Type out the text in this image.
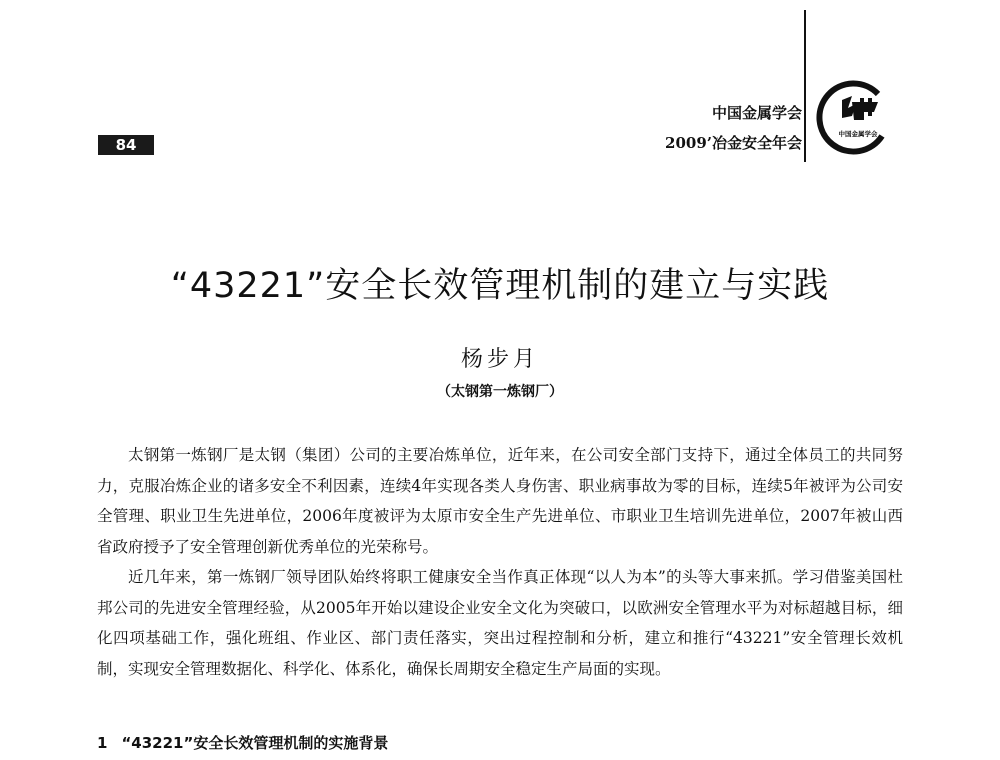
84
中国金属学会
2009’冶金安全年会	中国金属学会
“43221”安全长效管理机制的建立与实践
杨步月
（太钢第一炼钢厂）

太钢第一炼钢厂是太钢（集团）公司的主要冶炼单位，近年来，在公司安全部门支持下，通过全体员工的共同努力，克服冶炼企业的诸多安全不利因素，连续4年实现各类人身伤害、职业病事故为零的目标，连续5年被评为公司安全管理、职业卫生先进单位，2006年度被评为太原市安全生产先进单位、市职业卫生培训先进单位，2007年被山西省政府授予了安全管理创新优秀单位的光荣称号。

近几年来，第一炼钢厂领导团队始终将职工健康安全当作真正体现“以人为本”的头等大事来抓。学习借鉴美国杜邦公司的先进安全管理经验，从2005年开始以建设企业安全文化为突破口，以欧洲安全管理水平为对标超越目标，细化四项基础工作，强化班组、作业区、部门责任落实，突出过程控制和分析，建立和推行“43221”安全管理长效机制，实现安全管理数据化、科学化、体系化，确保长周期安全稳定生产局面的实现。

1 “43221”安全长效管理机制的实施背景
